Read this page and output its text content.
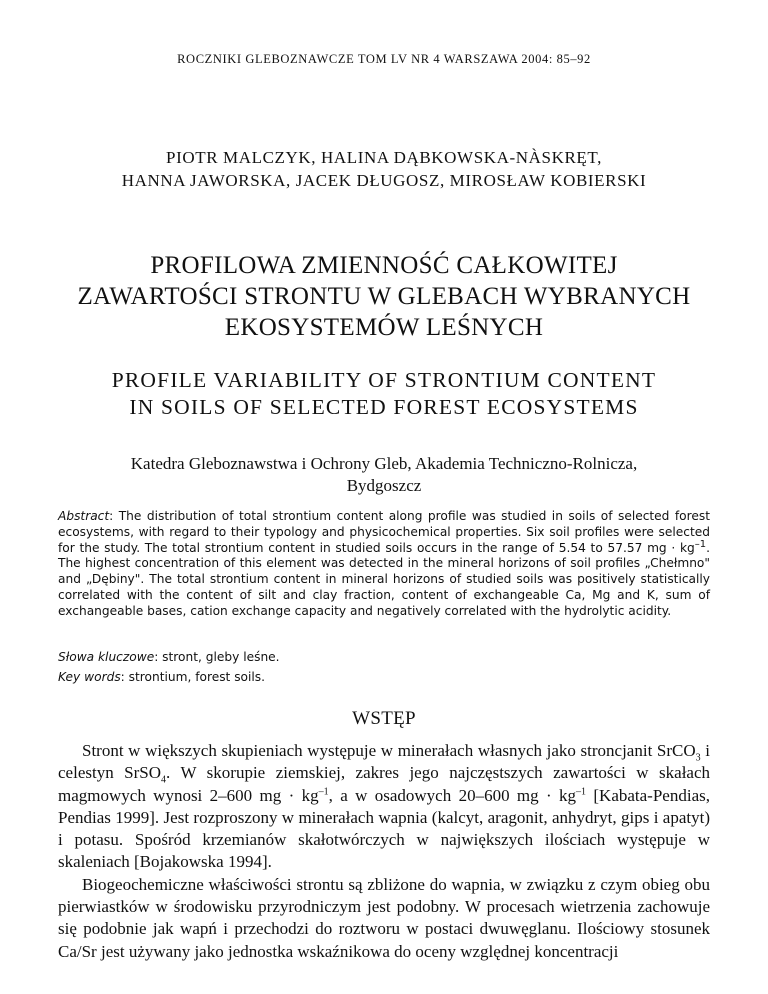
ROCZNIKI GLEBOZNAWCZE TOM LV NR 4 WARSZAWA 2004: 85–92
PIOTR MALCZYK, HALINA DĄBKOWSKA-NÀSKRĘT,
HANNA JAWORSKA, JACEK DŁUGOSZ, MIROSŁAW KOBIERSKI
PROFILOWA ZMIENNOŚĆ CAŁKOWITEJ
ZAWARTOŚCI STRONTU W GLEBACH WYBRANYCH
EKOSYSTEMÓW LEŚNYCH
PROFILE VARIABILITY OF STRONTIUM CONTENT
IN SOILS OF SELECTED FOREST ECOSYSTEMS
Katedra Gleboznawstwa i Ochrony Gleb, Akademia Techniczno-Rolnicza,
Bydgoszcz
Abstract: The distribution of total strontium content along profile was studied in soils of selected forest ecosystems, with regard to their typology and physicochemical properties. Six soil profiles were selected for the study. The total strontium content in studied soils occurs in the range of 5.54 to 57.57 mg · $kg^{-1}$. The highest concentration of this element was detected in the mineral horizons of soil profiles „Chełmno" and „Dębiny". The total strontium content in mineral horizons of studied soils was positively statistically correlated with the content of silt and clay fraction, content of exchangeable Ca, Mg and K, sum of exchangeable bases, cation exchange capacity and negatively correlated with the hydrolytic acidity.
Słowa kluczowe: stront, gleby leśne.
Key words: strontium, forest soils.
WSTĘP

Stront w większych skupieniach występuje w minerałach własnych jako stroncjanit SrCO$_3$ i celestyn SrSO$_4$. W skorupie ziemskiej, zakres jego najczęstszych zawartości w skałach magmowych wynosi 2–600 mg · $kg^{-1}$, a w osadowych 20–600 mg · $kg^{-1}$ [Kabata-Pendias, Pendias 1999]. Jest rozproszony w minerałach wapnia (kalcyt, aragonit, anhydryt, gips i apatyt) i potasu. Spośród krzemianów skałotwórczych w największych ilościach występuje w skaleniach [Bojakowska 1994].

Biogeochemiczne właściwości strontu są zbliżone do wapnia, w związku z czym obieg obu pierwiastków w środowisku przyrodniczym jest podobny. W procesach wietrzenia zachowuje się podobnie jak wapń i przechodzi do roztworu w postaci dwuwęglanu. Ilościowy stosunek Ca/Sr jest używany jako jednostka wskaźnikowa do oceny względnej koncentracji
